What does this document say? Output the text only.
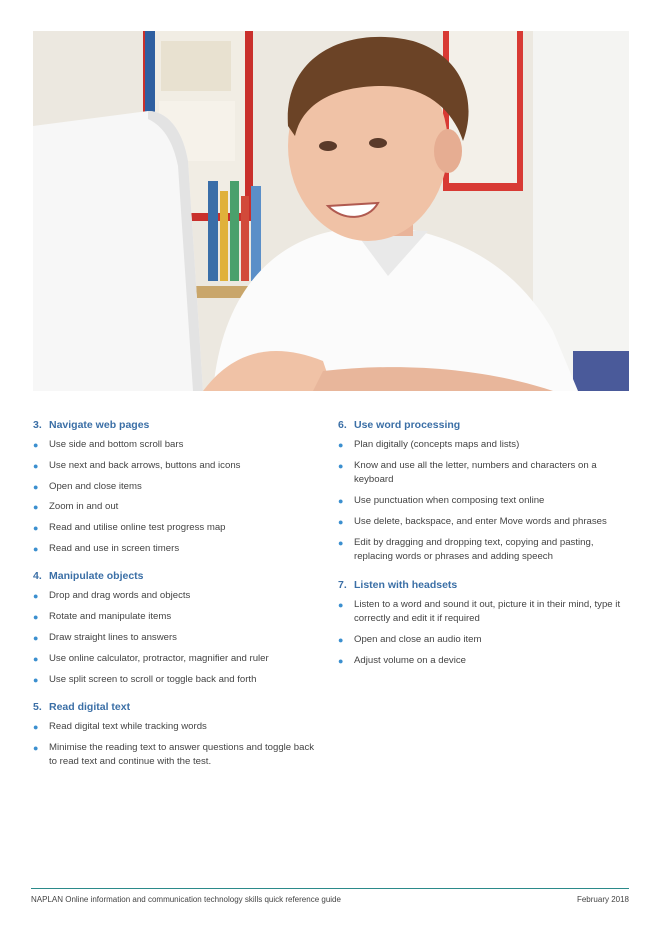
3. Navigate web pages
●	Use side and bottom scroll bars
●	Use next and back arrows, buttons and icons
●	Open and close items
●	Zoom in and out
●	Read and utilise online test progress map
●	Read and use in screen timers
4. Manipulate objects
●	Drop and drag words and objects
●	Rotate and manipulate items
●	Draw straight lines to answers
●	Use online calculator, protractor, magnifier and ruler
●	Use split screen to scroll or toggle back and forth
5. Read digital text
●	Read digital text while tracking words
●	Minimise the reading text to answer questions and toggle back to read text and continue with the test.
6. Use word processing
●	Plan digitally (concepts maps and lists)
●	Know and use all the letter, numbers and characters on a keyboard
●	Use punctuation when composing text online
●	Use delete, backspace, and enter Move words and phrases
●	Edit by dragging and dropping text, copying and pasting, replacing words or phrases and adding speech
7. Listen with headsets
●	Listen to a word and sound it out, picture it in their mind, type it correctly and edit it if required
●	Open and close an audio item
●	Adjust volume on a device
NAPLAN Online information and communication technology skills quick reference guide	February 2018
